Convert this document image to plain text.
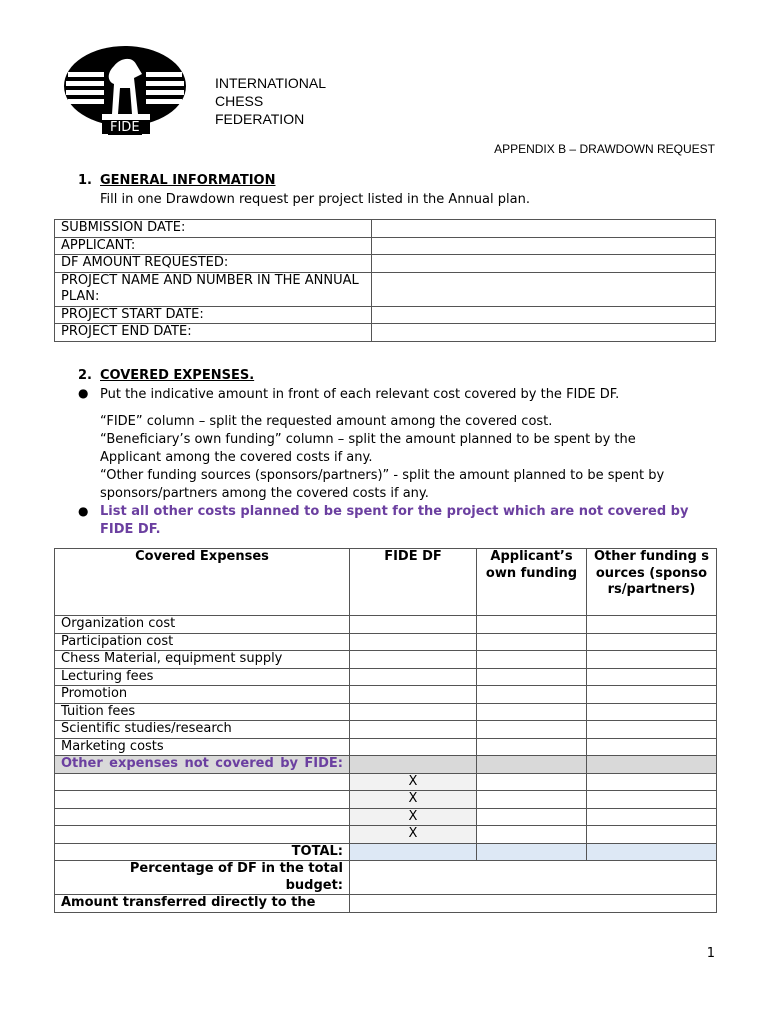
FIDE
INTERNATIONAL
CHESS
FEDERATION
APPENDIX B – DRAWDOWN REQUEST
1. GENERAL INFORMATION
Fill in one Drawdown request per project listed in the Annual plan.
SUBMISSION DATE:	
APPLICANT:	
DF AMOUNT REQUESTED:	
PROJECT NAME AND NUMBER IN THE ANNUAL PLAN:	
PROJECT START DATE:	
PROJECT END DATE:	
2. COVERED EXPENSES.
● Put the indicative amount in front of each relevant cost covered by the FIDE DF.
“FIDE” column – split the requested amount among the covered cost.
“Beneficiary’s own funding” column – split the amount planned to be spent by the Applicant among the covered costs if any.
“Other funding sources (sponsors/partners)” - split the amount planned to be spent by sponsors/partners among the covered costs if any.
● List all other costs planned to be spent for the project which are not covered by FIDE DF.
Covered Expenses	FIDE DF	Applicant’s own funding	Other funding sources (sponsors/partners)
Organization cost			
Participation cost			
Chess Material, equipment supply			
Lecturing fees			
Promotion			
Tuition fees			
Scientific studies/research			
Marketing costs			
Other expenses not covered by FIDE:			
	X		
	X		
	X		
	X		
TOTAL:			
Percentage of DF in the total budget:			
Amount transferred directly to the			
1
